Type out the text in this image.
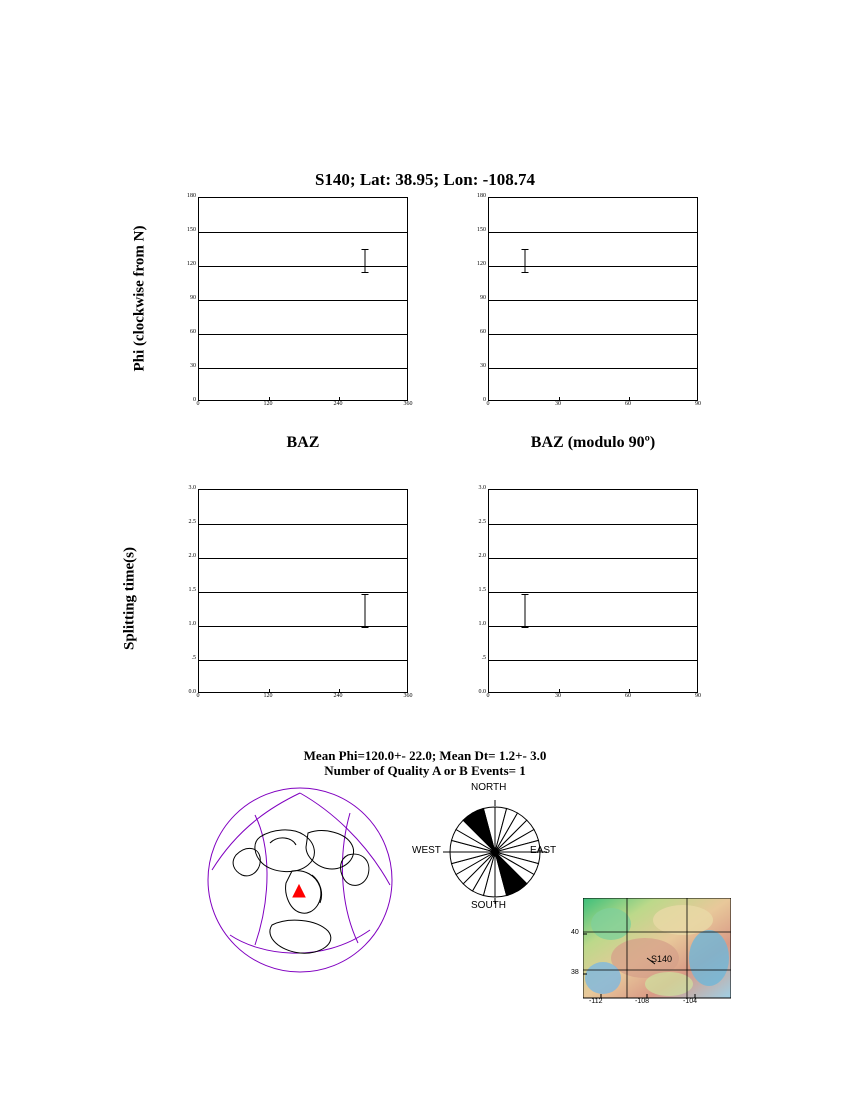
S140; Lat: 38.95; Lon: -108.74
Phi (clockwise from N)
Splitting time(s)
180
150
120
90
60
30
0
0	120	240	360
180
150
120
90
60
30
0
0	30	60	90
BAZ	BAZ (modulo 90º)
3.0
2.5
2.0
1.5
1.0
.5
0.0
0	120	240	360
3.0
2.5
2.0
1.5
1.0
.5
0.0
0	30	60	90
Mean Phi=120.0+- 22.0; Mean Dt= 1.2+- 3.0
Number of Quality A or B Events= 1
NORTH
EAST
SOUTH
WEST
S140
40
38
-112	-108	-104
